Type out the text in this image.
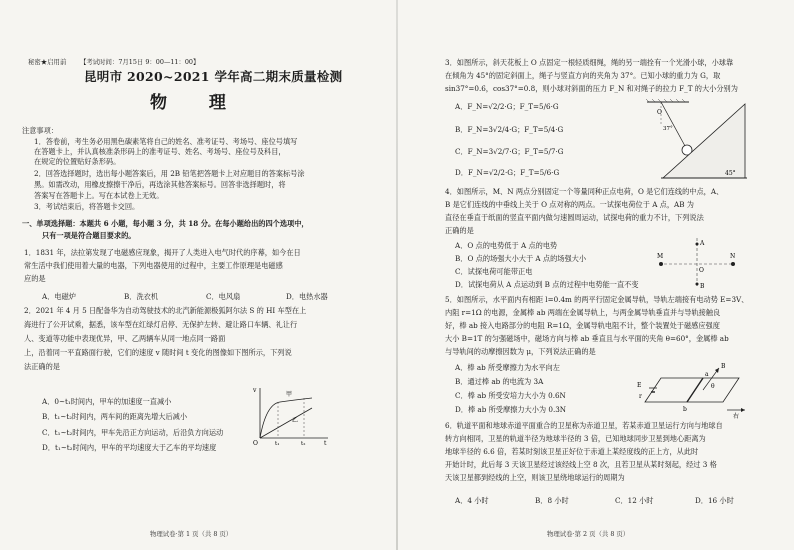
秘密★启用前 【考试时间：7月15日 9：00—11：00】
昆明市 2020~2021 学年高二期末质量检测
物 理
注意事项：
1．答卷前，考生务必用黑色碳素笔将自己的姓名、准考证号、考场号、座位号填写
在答题卡上，并认真核准条形码上的准考证号、姓名、考场号、座位号及科目，
在规定的位置贴好条形码。
2．回答选择题时，选出每小题答案后，用 2B 铅笔把答题卡上对应题目的答案标号涂
黑。如需改动，用橡皮擦擦干净后，再选涂其他答案标号。回答非选择题时，将
答案写在答题卡上。写在本试卷上无效。
3．考试结束后，将答题卡交回。
一、单项选择题：本题共 6 小题，每小题 3 分，共 18 分。在每小题给出的四个选项中，
只有一项是符合题目要求的。
1．1831 年，法拉第发现了电磁感应现象，揭开了人类进入电气时代的序幕，如今在日
常生活中我们使用着大量的电器，下列电器使用的过程中，主要工作原理是电磁感
应的是
A．电磁炉	B．洗衣机	C．电风扇	D．电热水器
2．2021 年 4 月 5 日配备华为自动驾驶技术的北汽新能源极狐阿尔法 S 的 HI 车型在上
海进行了公开试乘，据悉，该车型在红绿灯启停、无保护左转、避让路口车辆、礼让行
人、变道等功能中表现优异，甲、乙两辆车从同一地点同一路面
上，沿着同一平直路面行驶，它们的速度 v 随时间 t 变化的图像如下图所示，下列说
法正确的是
A．0~t₁时间内，甲车的加速度一直减小
B．t₁~t₂时间内，两车间的距离先增大后减小
C．t₁~t₂时间内，甲车先沿正方向运动，后沿负方向运动
D．t₁~t₂时间内，甲车的平均速度大于乙车的平均速度
v
t
O
甲
乙
t₁	t₂
物理试卷·第 1 页（共 8 页）
3．如图所示，斜天花板上 O 点固定一根轻质细绳，绳的另一端拴有一个光滑小球，小球靠
在倾角为 45°的固定斜面上，绳子与竖直方向的夹角为 37°。已知小球的重力为 G，取
sin37°=0.6，cos37°=0.8，则小球对斜面的压力 F_N 和对绳子的拉力 F_T 的大小分别为
A．F_N=√2/2·G；F_T=5/6·G
B．F_N=3√2/4·G；F_T=5/4·G
C．F_N=3√2/7·G；F_T=5/7·G
D．F_N=√2/2·G；F_T=5/6·G
O
37°
45°
4．如图所示，M、N 两点分别固定一个等量同种正点电荷，O 是它们连线的中点，A、
B 是它们连线的中垂线上关于 O 点对称的两点。一试探电荷位于 A 点，AB 为
直径在垂直于纸面的竖直平面内做匀速圆周运动，试探电荷的重力不计，下列说法
正确的是
A．O 点的电势低于 A 点的电势
B．O 点的场强大小大于 A 点的场强大小
C．试探电荷可能带正电
D．试探电荷从 A 点运动到 B 点的过程中电势能一直不变
M	N
A
B
O
5．如图所示，水平面内有相距 l=0.4m 的两平行固定金属导轨，导轨左端接有电动势 E=3V、
内阻 r=1Ω 的电源，金属棒 ab 两端在金属导轨上，与两金属导轨垂直并与导轨接触良
好，棒 ab 接入电路部分的电阻 R=1Ω，金属导轨电阻不计，整个装置处于磁感应强度
大小 B=1T 的匀强磁场中，磁场方向与棒 ab 垂直且与水平面的夹角 θ=60°，金属棒 ab
与导轨间的动摩擦因数为 μ，下列说法正确的是
A．棒 ab 所受摩擦力为水平向左
B．通过棒 ab 的电流为 3A
C．棒 ab 所受安培力大小为 0.6N
D．棒 ab 所受摩擦力大小为 0.3N
E
r
a
b
B
θ
右
6．轨道平面和地球赤道平面重合的卫星称为赤道卫星，若某赤道卫星运行方向与地球自
转方向相同，卫星的轨道半径为地球半径的 3 倍，已知地球同步卫星到地心距离为
地球半径的 6.6 倍，若某时刻该卫星正好位于赤道上某经度线的正上方，从此时
开始计时，此后每 3 天该卫星经过该经线上空 8 次，且若卫星从某时刻起，经过 3 格
天该卫星都到经线的上空，则该卫星绕地球运行的周期为
A．4 小时	B．8 小时	C．12 小时	D．16 小时
物理试卷·第 2 页（共 8 页）
